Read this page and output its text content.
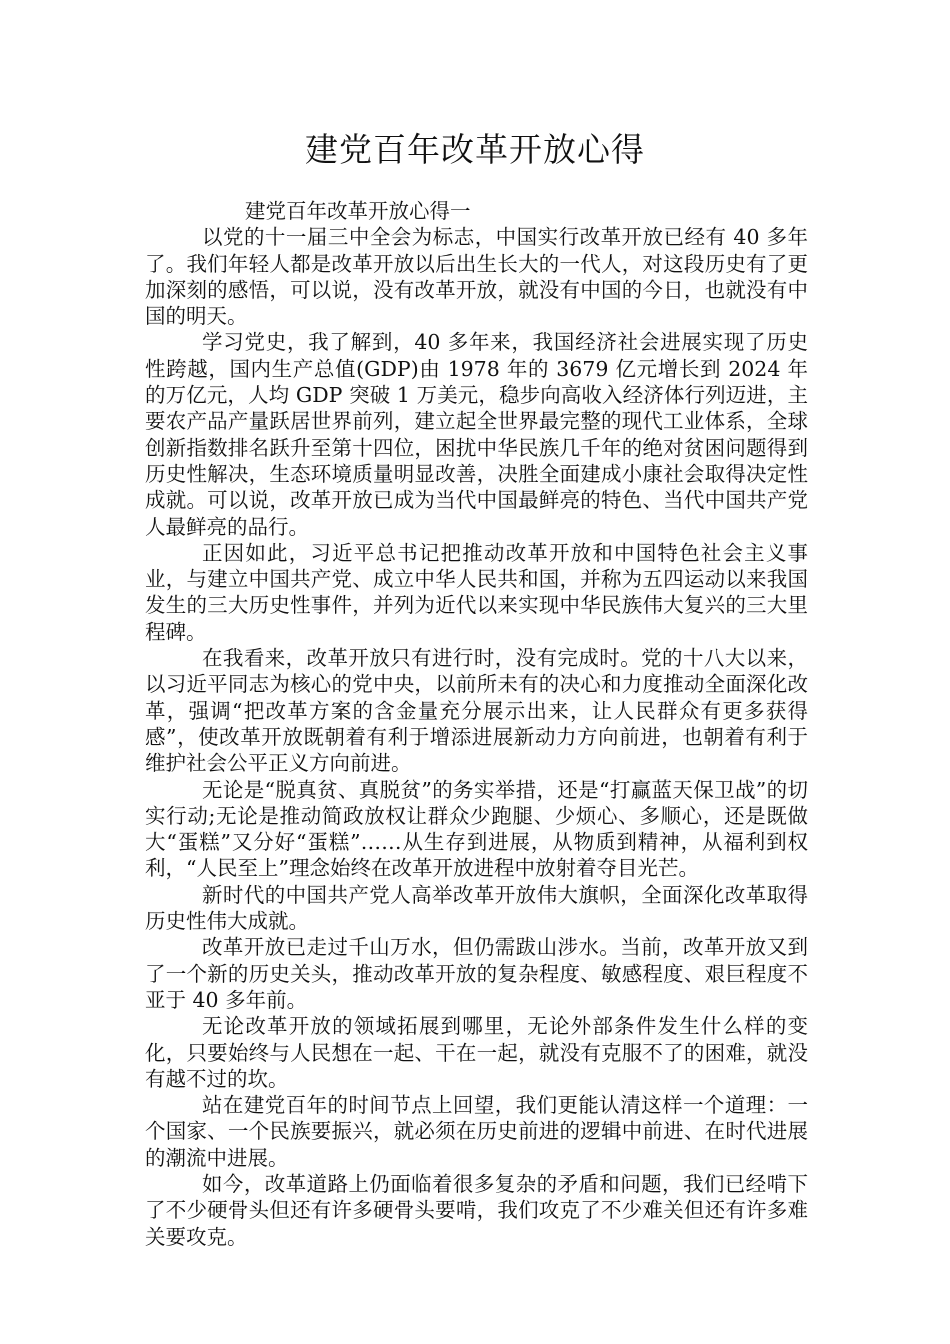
建党百年改革开放心得

建党百年改革开放心得一

以党的十一届三中全会为标志，中国实行改革开放已经有 40 多年了。我们年轻人都是改革开放以后出生长大的一代人，对这段历史有了更加深刻的感悟，可以说，没有改革开放，就没有中国的今日，也就没有中国的明天。

学习党史，我了解到，40 多年来，我国经济社会进展实现了历史性跨越，国内生产总值(GDP)由 1978 年的 3679 亿元增长到 2024 年的万亿元，人均 GDP 突破 1 万美元，稳步向高收入经济体行列迈进，主要农产品产量跃居世界前列，建立起全世界最完整的现代工业体系，全球创新指数排名跃升至第十四位，困扰中华民族几千年的绝对贫困问题得到历史性解决，生态环境质量明显改善，决胜全面建成小康社会取得决定性成就。可以说，改革开放已成为当代中国最鲜亮的特色、当代中国共产党人最鲜亮的品行。

正因如此，习近平总书记把推动改革开放和中国特色社会主义事业，与建立中国共产党、成立中华人民共和国，并称为五四运动以来我国发生的三大历史性事件，并列为近代以来实现中华民族伟大复兴的三大里程碑。

在我看来，改革开放只有进行时，没有完成时。党的十八大以来，以习近平同志为核心的党中央，以前所未有的决心和力度推动全面深化改革，强调“把改革方案的含金量充分展示出来，让人民群众有更多获得感”，使改革开放既朝着有利于增添进展新动力方向前进，也朝着有利于维护社会公平正义方向前进。

无论是“脱真贫、真脱贫”的务实举措，还是“打赢蓝天保卫战”的切实行动;无论是推动简政放权让群众少跑腿、少烦心、多顺心，还是既做大“蛋糕”又分好“蛋糕”……从生存到进展，从物质到精神，从福利到权利，“人民至上”理念始终在改革开放进程中放射着夺目光芒。

新时代的中国共产党人高举改革开放伟大旗帜，全面深化改革取得历史性伟大成就。

改革开放已走过千山万水，但仍需跋山涉水。当前，改革开放又到了一个新的历史关头，推动改革开放的复杂程度、敏感程度、艰巨程度不亚于 40 多年前。

无论改革开放的领域拓展到哪里，无论外部条件发生什么样的变化，只要始终与人民想在一起、干在一起，就没有克服不了的困难，就没有越不过的坎。

站在建党百年的时间节点上回望，我们更能认清这样一个道理：一个国家、一个民族要振兴，就必须在历史前进的逻辑中前进、在时代进展的潮流中进展。

如今，改革道路上仍面临着很多复杂的矛盾和问题，我们已经啃下了不少硬骨头但还有许多硬骨头要啃，我们攻克了不少难关但还有许多难关要攻克。
